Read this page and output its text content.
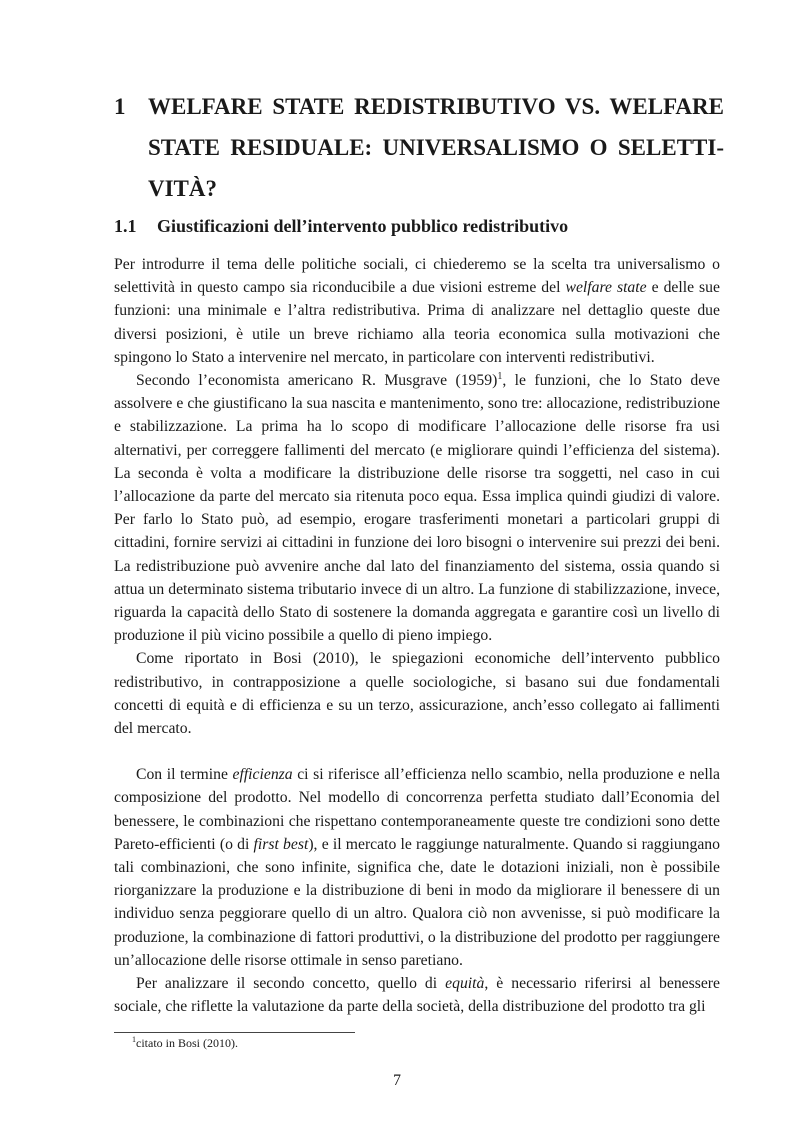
1 WELFARE STATE REDISTRIBUTIVO VS. WELFARE STATE RESIDUALE: UNIVERSALISMO O SELETTI-VITÀ?
1.1 Giustificazioni dell’intervento pubblico redistributivo

Per introdurre il tema delle politiche sociali, ci chiederemo se la scelta tra universalismo o selettività in questo campo sia riconducibile a due visioni estreme del welfare state e delle sue funzioni: una minimale e l’altra redistributiva. Prima di analizzare nel dettaglio queste due diversi posizioni, è utile un breve richiamo alla teoria economica sulla motivazioni che spingono lo Stato a intervenire nel mercato, in particolare con interventi redistributivi.

Secondo l’economista americano R. Musgrave $(1959)^1$, le funzioni, che lo Stato deve assolvere e che giustificano la sua nascita e mantenimento, sono tre: allocazione, redistribuzione e stabilizzazione. La prima ha lo scopo di modificare l’allocazione delle risorse fra usi alternativi, per correggere fallimenti del mercato (e migliorare quindi l’efficienza del sistema). La seconda è volta a modificare la distribuzione delle risorse tra soggetti, nel caso in cui l’allocazione da parte del mercato sia ritenuta poco equa. Essa implica quindi giudizi di valore. Per farlo lo Stato può, ad esempio, erogare trasferimenti monetari a particolari gruppi di cittadini, fornire servizi ai cittadini in funzione dei loro bisogni o intervenire sui prezzi dei beni. La redistribuzione può avvenire anche dal lato del finanziamento del sistema, ossia quando si attua un determinato sistema tributario invece di un altro. La funzione di stabilizzazione, invece, riguarda la capacità dello Stato di sostenere la domanda aggregata e garantire così un livello di produzione il più vicino possibile a quello di pieno impiego.

Come riportato in Bosi (2010), le spiegazioni economiche dell’intervento pubblico redistributivo, in contrapposizione a quelle sociologiche, si basano sui due fondamentali concetti di equità e di efficienza e su un terzo, assicurazione, anch’esso collegato ai fallimenti del mercato.

Con il termine efficienza ci si riferisce all’efficienza nello scambio, nella produzione e nella composizione del prodotto. Nel modello di concorrenza perfetta studiato dall’Economia del benessere, le combinazioni che rispettano contemporaneamente queste tre condizioni sono dette Pareto-efficienti (o di first best), e il mercato le raggiunge naturalmente. Quando si raggiungano tali combinazioni, che sono infinite, significa che, date le dotazioni iniziali, non è possibile riorganizzare la produzione e la distribuzione di beni in modo da migliorare il benessere di un individuo senza peggiorare quello di un altro. Qualora ciò non avvenisse, si può modificare la produzione, la combinazione di fattori produttivi, o la distribuzione del prodotto per raggiungere un’allocazione delle risorse ottimale in senso paretiano.

Per analizzare il secondo concetto, quello di equità, è necessario riferirsi al benessere sociale, che riflette la valutazione da parte della società, della distribuzione del prodotto tra gli

$^1$citato in Bosi (2010).
7
